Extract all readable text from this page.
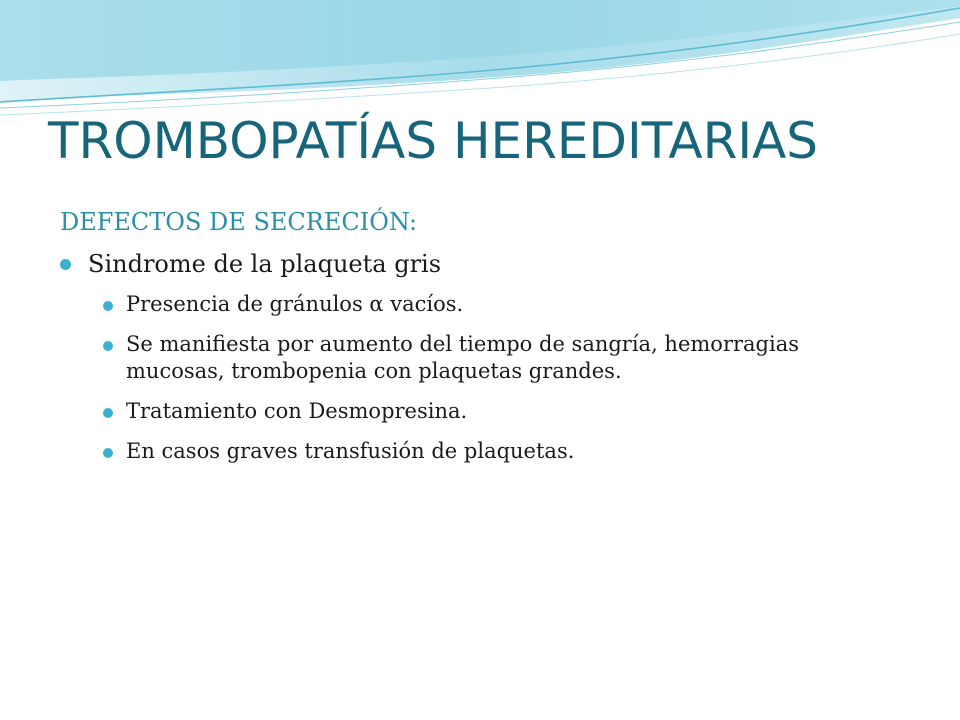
TROMBOPATÍAS HEREDITARIAS
DEFECTOS DE SECRECIÓN:
Sindrome de la plaqueta gris
Presencia de gránulos α vacíos.
Se manifiesta por aumento del tiempo de sangría, hemorragias mucosas, trombopenia con plaquetas grandes.
Tratamiento con Desmopresina.
En casos graves transfusión de plaquetas.
